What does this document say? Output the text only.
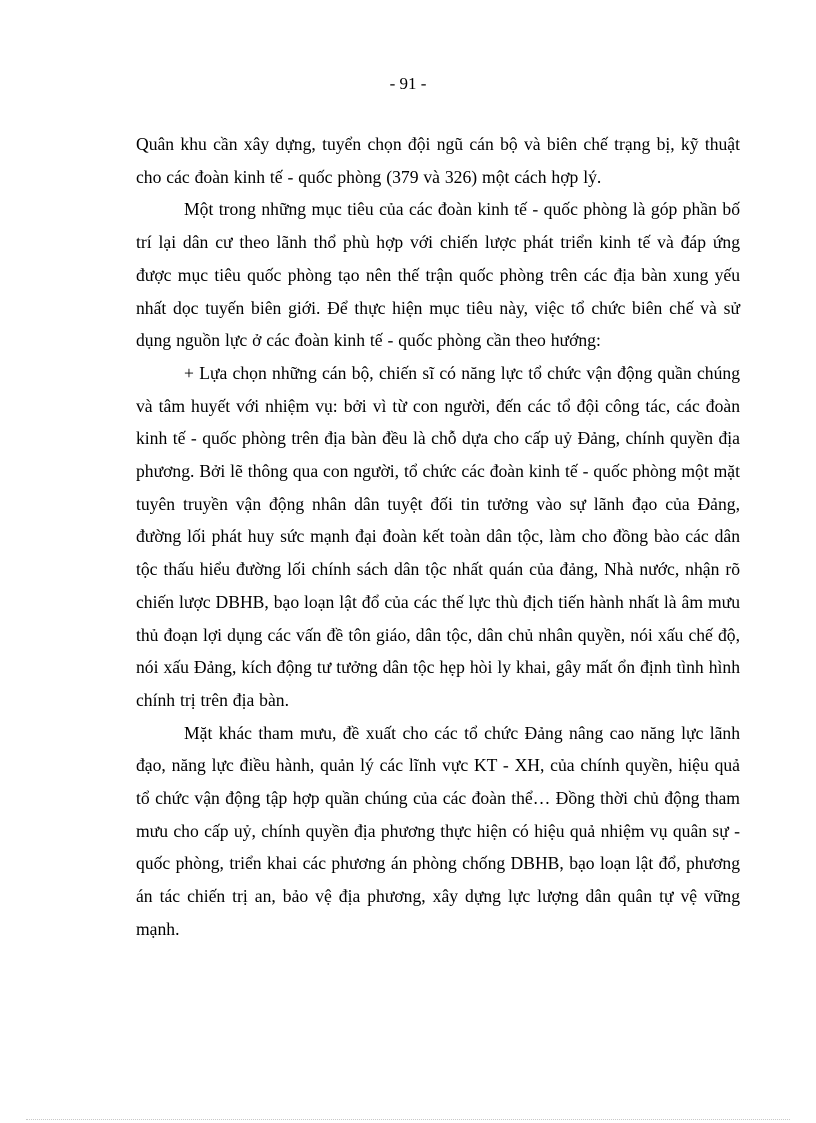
- 91 -

Quân khu cần xây dựng, tuyển chọn đội ngũ cán bộ và biên chế trạng bị, kỹ thuật cho các đoàn kinh tế - quốc phòng (379 và 326) một cách hợp lý.

Một trong những mục tiêu của các đoàn kinh tế - quốc phòng là góp phần bố trí lại dân cư theo lãnh thổ phù hợp với chiến lược phát triển kinh tế và đáp ứng được mục tiêu quốc phòng tạo nên thế trận quốc phòng trên các địa bàn xung yếu nhất dọc tuyến biên giới. Để thực hiện mục tiêu này, việc tổ chức biên chế và sử dụng nguồn lực ở các đoàn kinh tế - quốc phòng cần theo hướng:

+ Lựa chọn những cán bộ, chiến sĩ có năng lực tổ chức vận động quần chúng và tâm huyết với nhiệm vụ: bởi vì từ con người, đến các tổ đội công tác, các đoàn kinh tế - quốc phòng trên địa bàn đều là chỗ dựa cho cấp uỷ Đảng, chính quyền địa phương. Bởi lẽ thông qua con người, tổ chức các đoàn kinh tế - quốc phòng một mặt tuyên truyền vận động nhân dân tuyệt đối tin tưởng vào sự lãnh đạo của Đảng, đường lối phát huy sức mạnh đại đoàn kết toàn dân tộc, làm cho đồng bào các dân tộc thấu hiểu đường lối chính sách dân tộc nhất quán của đảng, Nhà nước, nhận rõ chiến lược DBHB, bạo loạn lật đổ của các thế lực thù địch tiến hành nhất là âm mưu thủ đoạn lợi dụng các vấn đề tôn giáo, dân tộc, dân chủ nhân quyền, nói xấu chế độ, nói xấu Đảng, kích động tư tưởng dân tộc hẹp hòi ly khai, gây mất ổn định tình hình chính trị trên địa bàn.

Mặt khác tham mưu, đề xuất cho các tổ chức Đảng nâng cao năng lực lãnh đạo, năng lực điều hành, quản lý các lĩnh vực KT - XH, của chính quyền, hiệu quả tổ chức vận động tập hợp quần chúng của các đoàn thể… Đồng thời chủ động tham mưu cho cấp uỷ, chính quyền địa phương thực hiện có hiệu quả nhiệm vụ quân sự - quốc phòng, triển khai các phương án phòng chống DBHB, bạo loạn lật đổ, phương án tác chiến trị an, bảo vệ địa phương, xây dựng lực lượng dân quân tự vệ vững mạnh.
